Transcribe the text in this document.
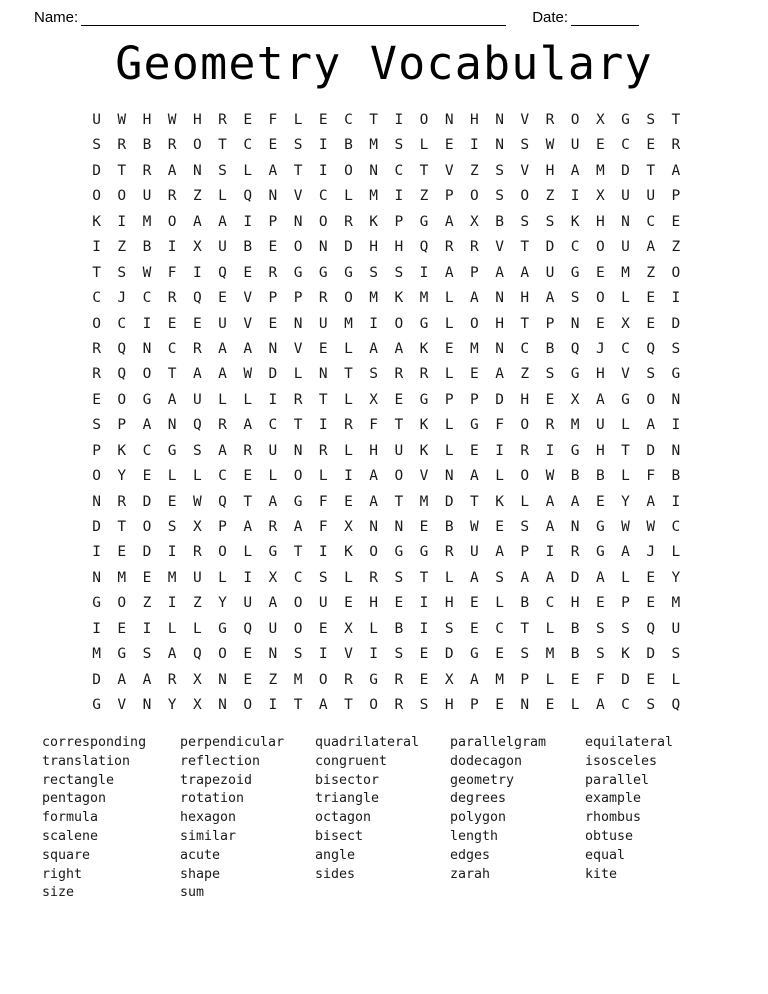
Name:	Date:
Geometry Vocabulary
U	W	H	W	H	R	E	F	L	E	C	T	I	O	N	H	N	V	R	O	X	G	S	T
S	R	B	R	O	T	C	E	S	I	B	M	S	L	E	I	N	S	W	U	E	C	E	R
D	T	R	A	N	S	L	A	T	I	O	N	C	T	V	Z	S	V	H	A	M	D	T	A
O	O	U	R	Z	L	Q	N	V	C	L	M	I	Z	P	O	S	O	Z	I	X	U	U	P
K	I	M	O	A	A	I	P	N	O	R	K	P	G	A	X	B	S	S	K	H	N	C	E
I	Z	B	I	X	U	B	E	O	N	D	H	H	Q	R	R	V	T	D	C	O	U	A	Z
T	S	W	F	I	Q	E	R	G	G	G	S	S	I	A	P	A	A	U	G	E	M	Z	O
C	J	C	R	Q	E	V	P	P	R	O	M	K	M	L	A	N	H	A	S	O	L	E	I
O	C	I	E	E	U	V	E	N	U	M	I	O	G	L	O	H	T	P	N	E	X	E	D
R	Q	N	C	R	A	A	N	V	E	L	A	A	K	E	M	N	C	B	Q	J	C	Q	S
R	Q	O	T	A	A	W	D	L	N	T	S	R	R	L	E	A	Z	S	G	H	V	S	G
E	O	G	A	U	L	L	I	R	T	L	X	E	G	P	P	D	H	E	X	A	G	O	N
S	P	A	N	Q	R	A	C	T	I	R	F	T	K	L	G	F	O	R	M	U	L	A	I
P	K	C	G	S	A	R	U	N	R	L	H	U	K	L	E	I	R	I	G	H	T	D	N
O	Y	E	L	L	C	E	L	O	L	I	A	O	V	N	A	L	O	W	B	B	L	F	B
N	R	D	E	W	Q	T	A	G	F	E	A	T	M	D	T	K	L	A	A	E	Y	A	I
D	T	O	S	X	P	A	R	A	F	X	N	N	E	B	W	E	S	A	N	G	W	W	C
I	E	D	I	R	O	L	G	T	I	K	O	G	G	R	U	A	P	I	R	G	A	J	L
N	M	E	M	U	L	I	X	C	S	L	R	S	T	L	A	S	A	A	D	A	L	E	Y
G	O	Z	I	Z	Y	U	A	O	U	E	H	E	I	H	E	L	B	C	H	E	P	E	M
I	E	I	L	L	G	Q	U	O	E	X	L	B	I	S	E	C	T	L	B	S	S	Q	U
M	G	S	A	Q	O	E	N	S	I	V	I	S	E	D	G	E	S	M	B	S	K	D	S
D	A	A	R	X	N	E	Z	M	O	R	G	R	E	X	A	M	P	L	E	F	D	E	L
G	V	N	Y	X	N	O	I	T	A	T	O	R	S	H	P	E	N	E	L	A	C	S	Q
corresponding
translation
rectangle
pentagon
formula
scalene
square
right
size
perpendicular
reflection
trapezoid
rotation
hexagon
similar
acute
shape
sum
quadrilateral
congruent
bisector
triangle
octagon
bisect
angle
sides
parallelgram
dodecagon
geometry
degrees
polygon
length
edges
zarah
equilateral
isosceles
parallel
example
rhombus
obtuse
equal
kite
